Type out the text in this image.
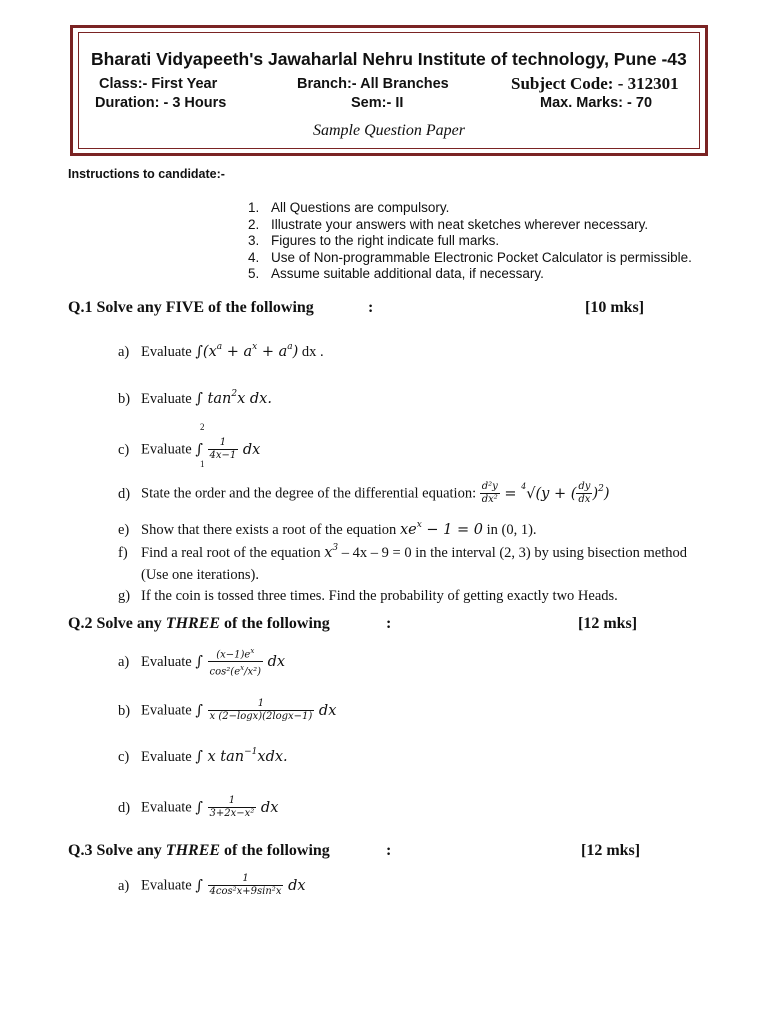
Bharati Vidyapeeth's Jawaharlal Nehru Institute of technology, Pune -43
Class:- First Year	Branch:- All Branches	Subject Code: - 312301
Duration: - 3 Hours	Sem:- II	Max. Marks: - 70
Sample Question Paper
Instructions to candidate:-
1. All Questions are compulsory.
2. Illustrate your answers with neat sketches wherever necessary.
3. Figures to the right indicate full marks.
4. Use of Non-programmable Electronic Pocket Calculator is permissible.
5. Assume suitable additional data, if necessary.
Q.1 Solve any FIVE of the following	:	[10 mks]
a) Evaluate $\int(x^a + a^x + a^a)$ dx .
b) Evaluate ∫ $\tan^2x$ dx.
2
1
c) Evaluate ∫ $\frac{1}{4x-1}$ dx
d) State the order and the degree of the differential equation: $\frac{\text{d²y}}{\text{dx²}} = ^4√(y$ + ( $\frac{dy}{dx} )^2$)
e) Show that there exists a root of the equation $xe^x - 1 = 0$ in (0, 1).
f) Find a real root of the equation $x^3 - 4x - 9 = 0$ in the interval (2, 3) by using bisection method
(Use one iterations).
g) If the coin is tossed three times. Find the probability of getting exactly two Heads.
Q.2 Solve any THREE of the following	:	[12 mks]
a) Evaluate ∫ $\frac{(x-1)e^x}{\cos^2(e^x/x^2)}$ dx
b) Evaluate ∫ $\frac{1}{x (2-\log x)(2\log x-1)}$ dx
c) Evaluate ∫ x $\tan^{-1}xdx$.
d) Evaluate ∫ $\frac{1}{\text{3+2x−x²}}$ dx
Q.3 Solve any THREE of the following	:	[12 mks]
a) Evaluate ∫ $\frac{1}{\text{4cos²x+9sin²x}}$ dx
